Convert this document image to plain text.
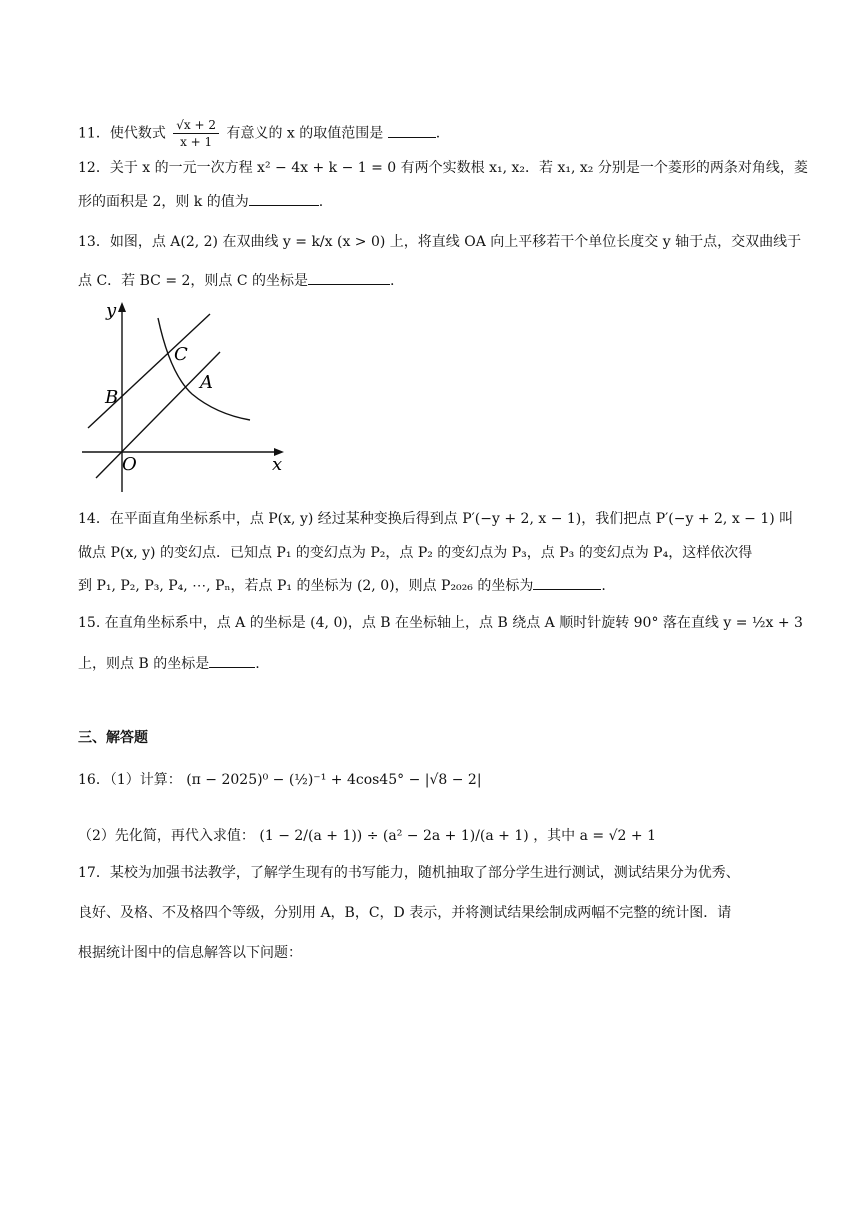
11．使代数式 $\frac{√x + 2}{x + 1}$ 有意义的 x 的取值范围是	.
12．关于 x 的一元一次方程 x² − 4x + k − 1 = 0 有两个实数根 x₁, x₂．若 x₁, x₂ 分别是一个菱形的两条对角线，菱
形的面积是 2，则 k 的值为	.
13．如图，点 A(2, 2) 在双曲线 y = k/x (x > 0) 上，将直线 OA 向上平移若干个单位长度交 y 轴于点，交双曲线于
点 C．若 BC = 2，则点 C 的坐标是	.
y
x
O
A
B
C
14．在平面直角坐标系中，点 P(x, y) 经过某种变换后得到点 P′(−y + 2, x − 1)，我们把点 P′(−y + 2, x − 1) 叫
做点 P(x, y) 的变幻点．已知点 P₁ 的变幻点为 P₂，点 P₂ 的变幻点为 P₃，点 P₃ 的变幻点为 P₄，这样依次得
到 P₁, P₂, P₃, P₄, ⋯, Pₙ，若点 P₁ 的坐标为 (2, 0)，则点 P₂₀₂₆ 的坐标为	.
15. 在直角坐标系中，点 A 的坐标是 (4, 0)，点 B 在坐标轴上，点 B 绕点 A 顺时针旋转 90° 落在直线 y = ½x + 3
上，则点 B 的坐标是	.
三、解答题
16．（1）计算： (π − 2025)⁰ − (½)⁻¹ + 4cos45° − |√8 − 2|
（2）先化简，再代入求值： (1 − 2/(a + 1)) ÷ (a² − 2a + 1)/(a + 1) ，其中 a = √2 + 1
17．某校为加强书法教学，了解学生现有的书写能力，随机抽取了部分学生进行测试，测试结果分为优秀、
良好、及格、不及格四个等级，分别用 A，B，C，D 表示，并将测试结果绘制成两幅不完整的统计图．请
根据统计图中的信息解答以下问题：
